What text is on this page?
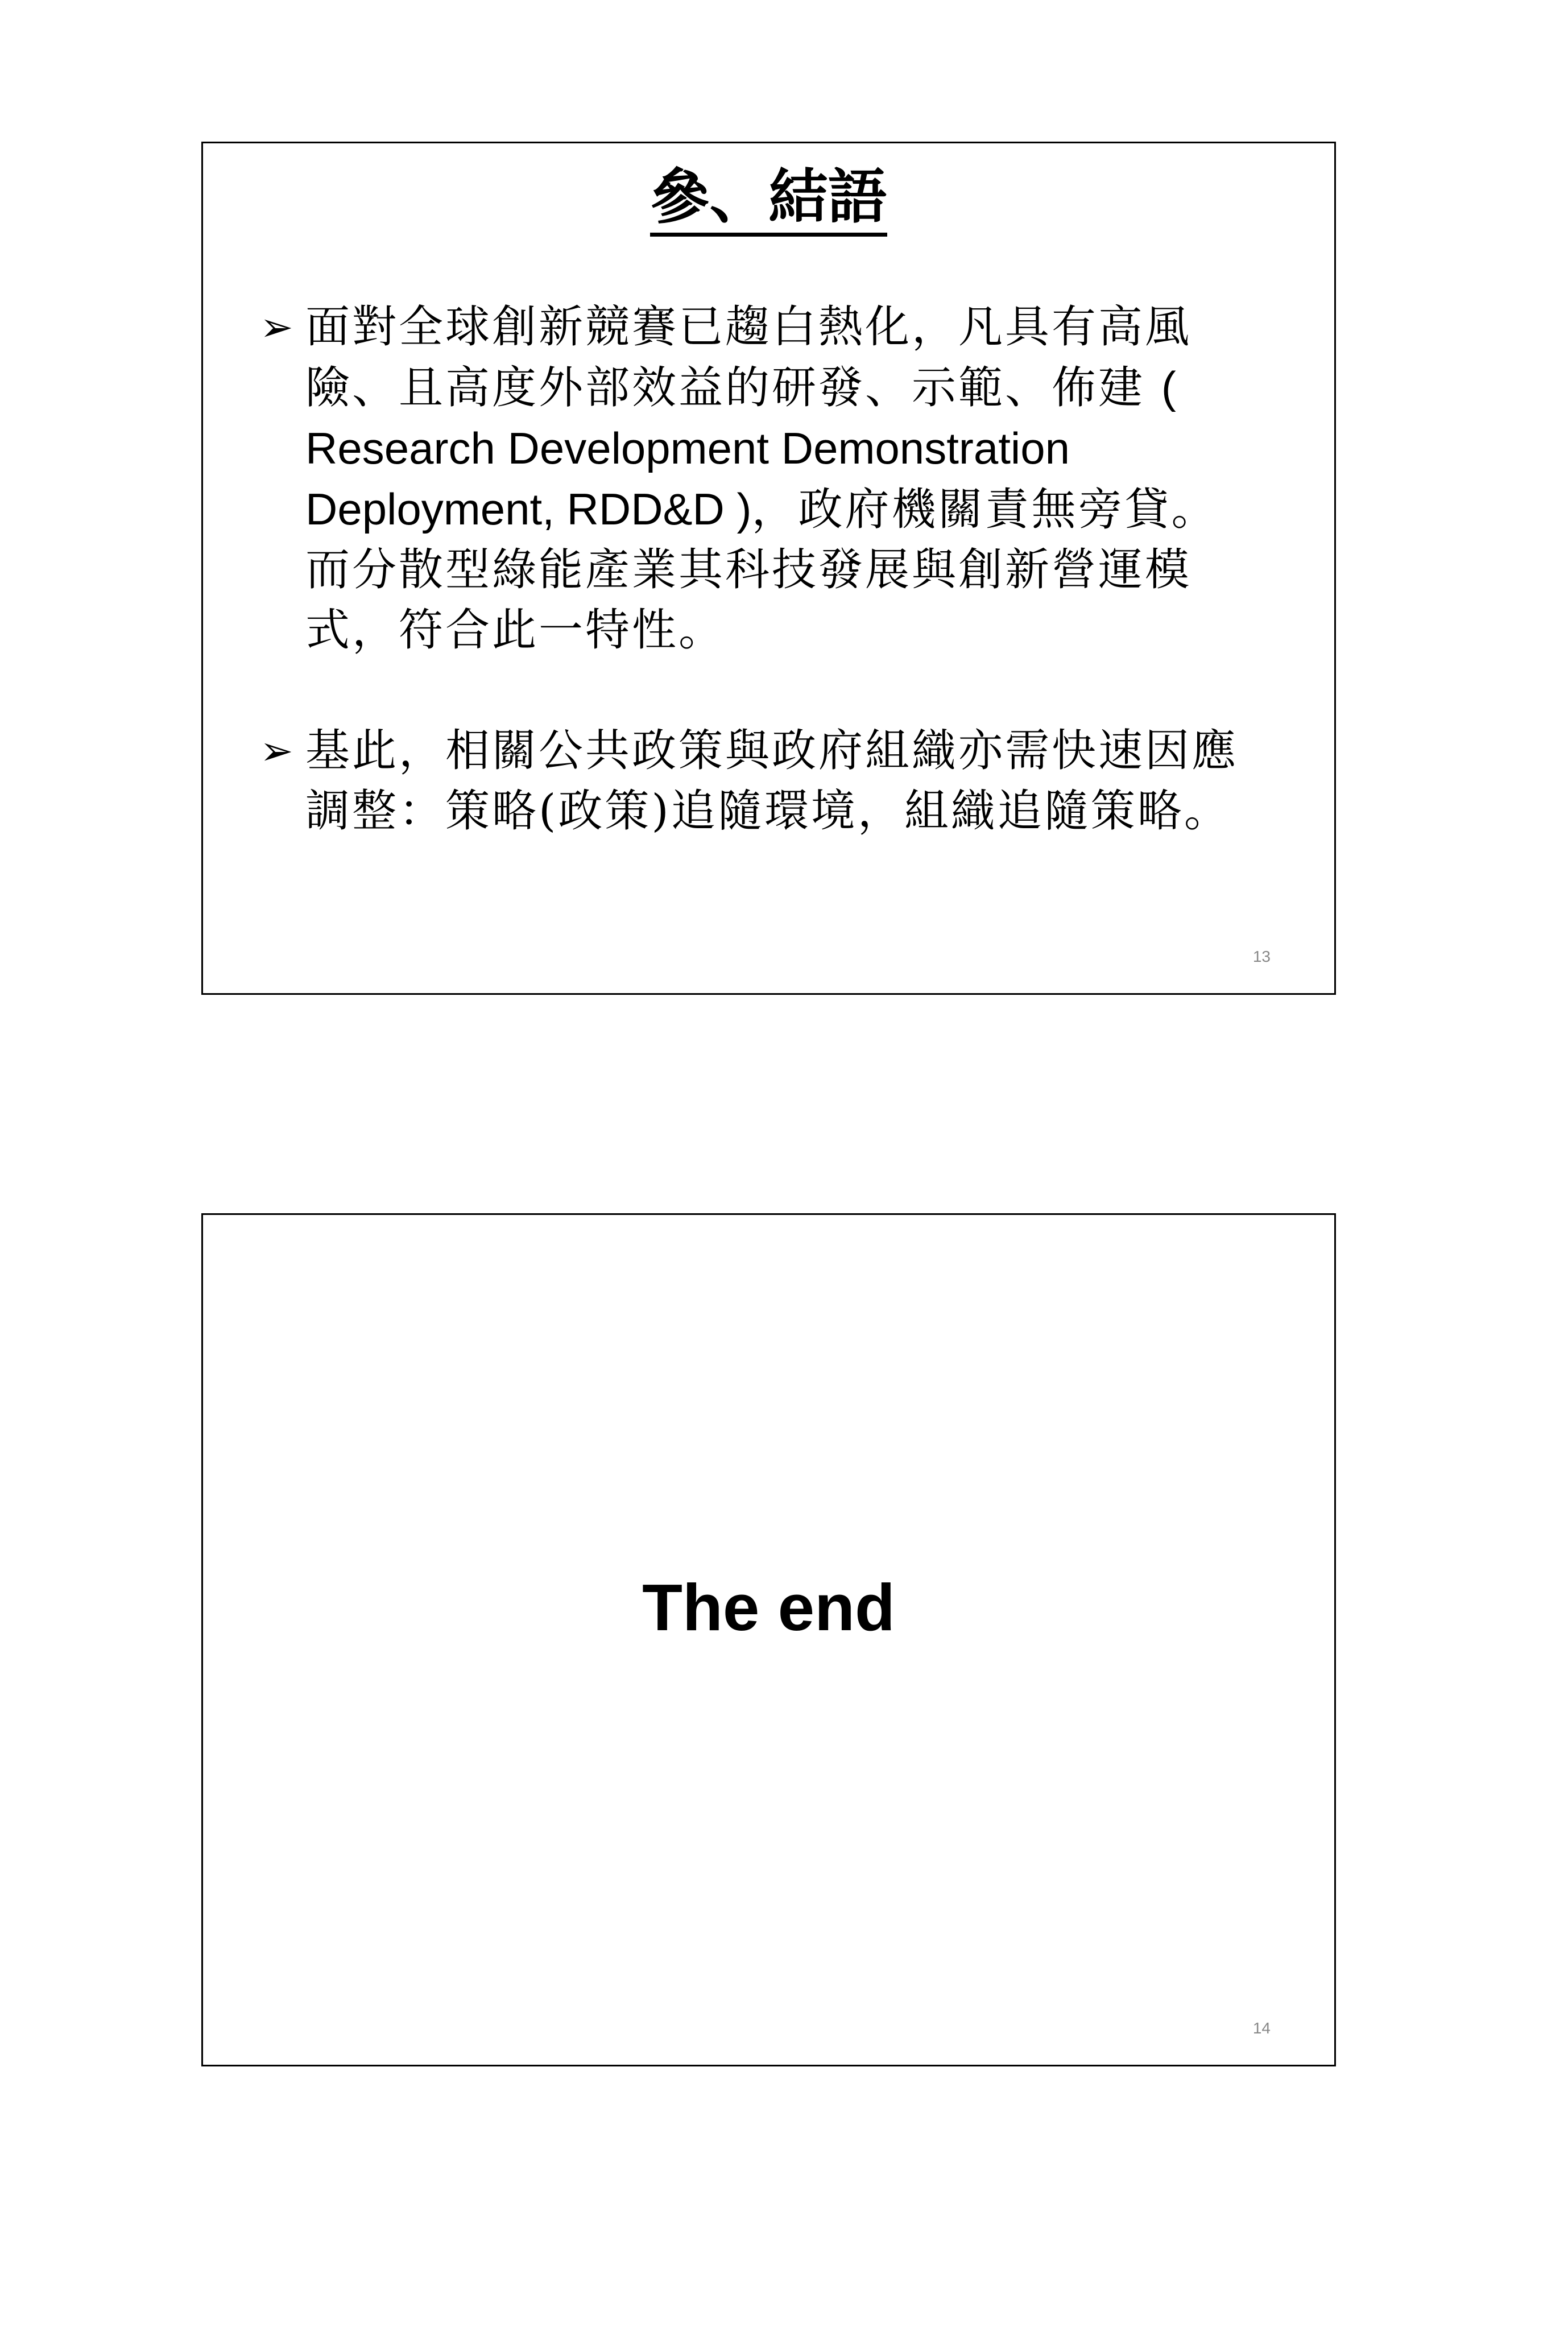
參、結語
➢ 面對全球創新競賽已趨白熱化，凡具有高風險、且高度外部效益的研發、示範、佈建 ( Research Development Demonstration Deployment, RDD&D )，政府機關責無旁貸。而分散型綠能產業其科技發展與創新營運模式，符合此一特性。
➢ 基此，相關公共政策與政府組織亦需快速因應調整：策略(政策)追隨環境，組織追隨策略。
13
The end
14
